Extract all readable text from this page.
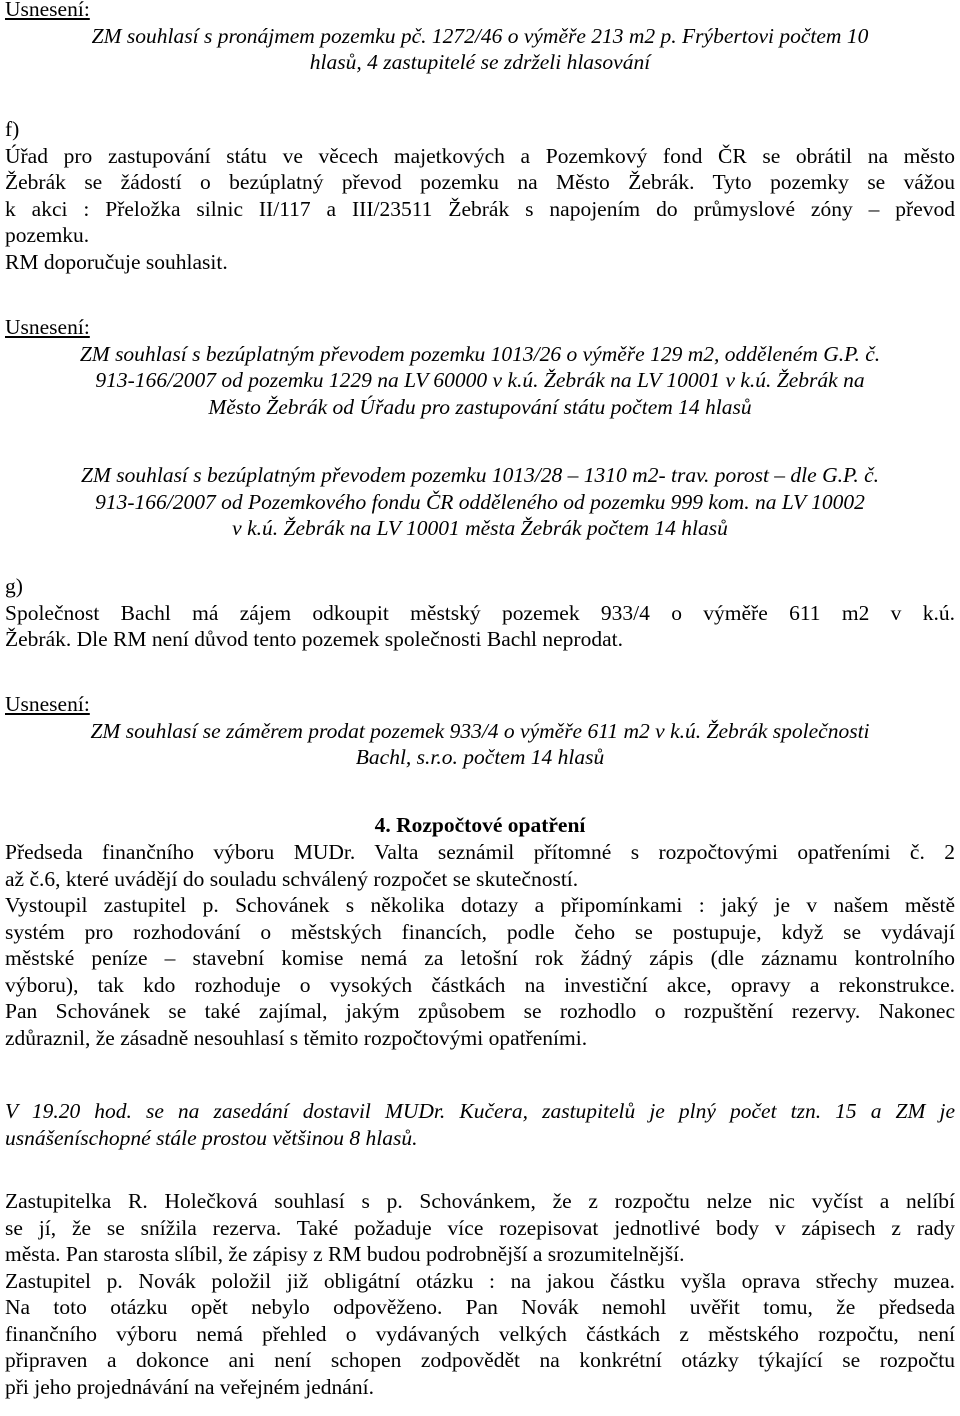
Usnesení:
ZM souhlasí s pronájmem pozemku pč. 1272/46 o výměře 213 m2 p. Frýbertovi počtem 10
hlasů, 4 zastupitelé se zdrželi hlasování
f)
Úřad pro zastupování státu ve věcech majetkových a Pozemkový fond ČR se obrátil na město
Žebrák se žádostí o bezúplatný převod pozemku na Město Žebrák. Tyto pozemky se vážou
k akci : Přeložka silnic II/117 a III/23511 Žebrák s napojením do průmyslové zóny – převod
pozemku.
RM doporučuje souhlasit.
Usnesení:
ZM souhlasí s bezúplatným převodem pozemku 1013/26 o výměře 129 m2, odděleném G.P. č.
913-166/2007 od pozemku 1229 na LV 60000 v k.ú. Žebrák na LV 10001 v k.ú. Žebrák na
Město Žebrák od Úřadu pro zastupování státu počtem 14 hlasů
ZM souhlasí s bezúplatným převodem pozemku 1013/28 – 1310 m2- trav. porost – dle G.P. č.
913-166/2007 od Pozemkového fondu ČR odděleného od pozemku 999 kom. na LV 10002
v k.ú. Žebrák na LV 10001 města Žebrák počtem 14 hlasů
g)
Společnost Bachl má zájem odkoupit městský pozemek 933/4 o výměře 611 m2 v k.ú.
Žebrák. Dle RM není důvod tento pozemek společnosti Bachl neprodat.
Usnesení:
ZM souhlasí se záměrem prodat pozemek 933/4 o výměře 611 m2 v k.ú. Žebrák společnosti
Bachl, s.r.o. počtem 14 hlasů
4. Rozpočtové opatření
Předseda finančního výboru MUDr. Valta seznámil přítomné s rozpočtovými opatřeními č. 2
až č.6, které uvádějí do souladu schválený rozpočet se skutečností.
Vystoupil zastupitel p. Schovánek s několika dotazy a připomínkami : jaký je v našem městě
systém pro rozhodování o městských financích, podle čeho se postupuje, když se vydávají
městské peníze – stavební komise nemá za letošní rok žádný zápis (dle záznamu kontrolního
výboru), tak kdo rozhoduje o vysokých částkách na investiční akce, opravy a rekonstrukce.
Pan Schovánek se také zajímal, jakým způsobem se rozhodlo o rozpuštění rezervy. Nakonec
zdůraznil, že zásadně nesouhlasí s těmito rozpočtovými opatřeními.
V 19.20 hod. se na zasedání dostavil MUDr. Kučera, zastupitelů je plný počet tzn. 15 a ZM je
usnášeníschopné stále prostou většinou 8 hlasů.
Zastupitelka R. Holečková souhlasí s p. Schovánkem, že z rozpočtu nelze nic vyčíst a nelíbí
se jí, že se snížila rezerva. Také požaduje více rozepisovat jednotlivé body v zápisech z rady
města. Pan starosta slíbil, že zápisy z RM budou podrobnější a srozumitelnější.
Zastupitel p. Novák položil již obligátní otázku : na jakou částku vyšla oprava střechy muzea.
Na toto otázku opět nebylo odpověženo. Pan Novák nemohl uvěřit tomu, že předseda
finančního výboru nemá přehled o vydávaných velkých částkách z městského rozpočtu, není
připraven a dokonce ani není schopen zodpovědět na konkrétní otázky týkající se rozpočtu
při jeho projednávání na veřejném jednání.
